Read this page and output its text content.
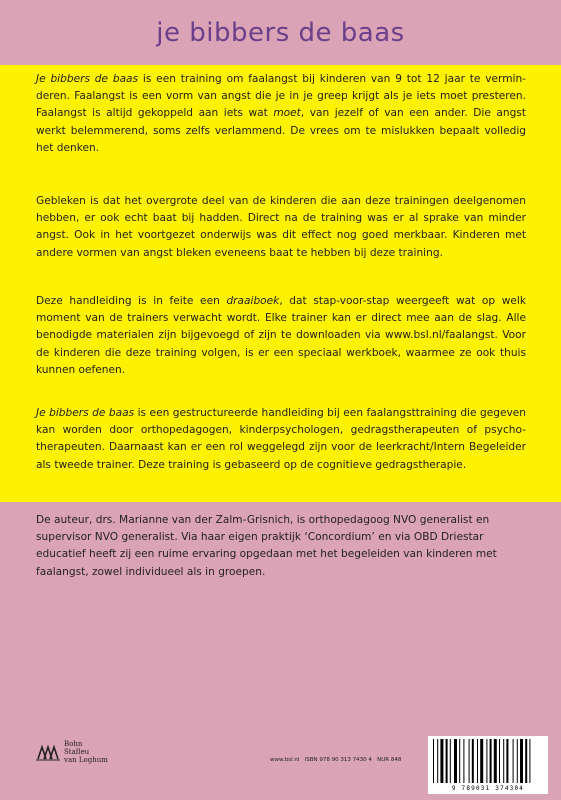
je bibbers de baas
Je bibbers de baas is een training om faalangst bij kinderen van 9 tot 12 jaar te vermin-deren. Faalangst is een vorm van angst die je in je greep krijgt als je iets moet presteren. Faalangst is altijd gekoppeld aan iets wat moet, van jezelf of van een ander. Die angst werkt belemmerend, soms zelfs verlammend. De vrees om te mislukken bepaalt volledig het denken.
Gebleken is dat het overgrote deel van de kinderen die aan deze trainingen deelgenomen hebben, er ook echt baat bij hadden. Direct na de training was er al sprake van minder angst. Ook in het voortgezet onderwijs was dit effect nog goed merkbaar. Kinderen met andere vormen van angst bleken eveneens baat te hebben bij deze training.
Deze handleiding is in feite een draaiboek, dat stap-voor-stap weergeeft wat op welk moment van de trainers verwacht wordt. Elke trainer kan er direct mee aan de slag. Alle benodigde materialen zijn bijgevoegd of zijn te downloaden via www.bsl.nl/faalangst. Voor de kinderen die deze training volgen, is er een speciaal werkboek, waarmee ze ook thuis kunnen oefenen.
Je bibbers de baas is een gestructureerde handleiding bij een faalangsttraining die gegeven kan worden door orthopedagogen, kinderpsychologen, gedragstherapeuten of psycho-therapeuten. Daarnaast kan er een rol weggelegd zijn voor de leerkracht/Intern Begeleider als tweede trainer. Deze training is gebaseerd op de cognitieve gedragstherapie.
De auteur, drs. Marianne van der Zalm-Grisnich, is orthopedagoog NVO generalist en supervisor NVO generalist. Via haar eigen praktijk ‘Concordium’ en via OBD Driestar educatief heeft zij een ruime ervaring opgedaan met het begeleiden van kinderen met faalangst, zowel individueel als in groepen.
Bohn
Stafleu
van Loghum	www.bsl.nl ISBN 978 90 313 7430 4 NUR 848
9 789031 374304
